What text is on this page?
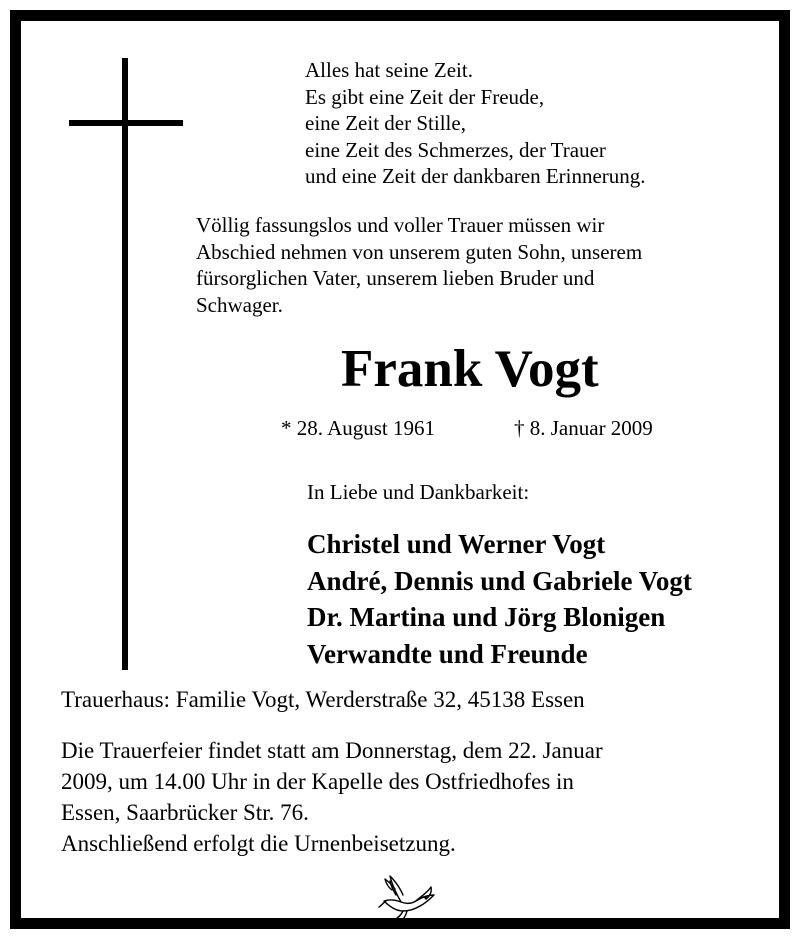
Alles hat seine Zeit.
Es gibt eine Zeit der Freude,
eine Zeit der Stille,
eine Zeit des Schmerzes, der Trauer
und eine Zeit der dankbaren Erinnerung.
Völlig fassungslos und voller Trauer müssen wir
Abschied nehmen von unserem guten Sohn, unserem
fürsorglichen Vater, unserem lieben Bruder und
Schwager.
Frank Vogt
* 28. August 1961	† 8. Januar 2009
In Liebe und Dankbarkeit:
Christel und Werner Vogt
André, Dennis und Gabriele Vogt
Dr. Martina und Jörg Blonigen
Verwandte und Freunde
Trauerhaus: Familie Vogt, Werderstraße 32, 45138 Essen
Die Trauerfeier findet statt am Donnerstag, dem 22. Januar
2009, um 14.00 Uhr in der Kapelle des Ostfriedhofes in
Essen, Saarbrücker Str. 76.
Anschließend erfolgt die Urnenbeisetzung.
